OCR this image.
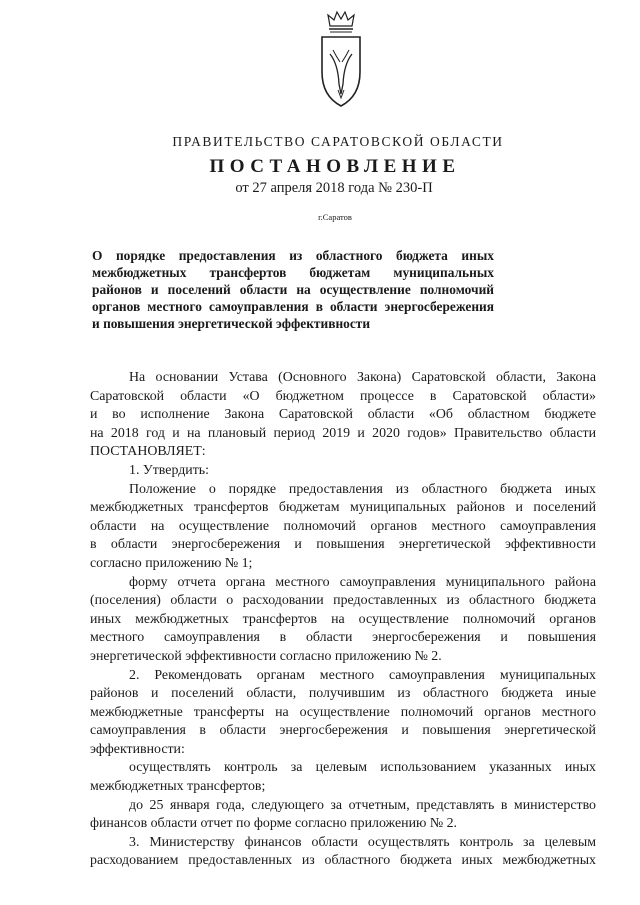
ПРАВИТЕЛЬСТВО САРАТОВСКОЙ ОБЛАСТИ
ПОСТАНОВЛЕНИЕ
от 27 апреля 2018 года № 230-П
г.Саратов
О порядке предоставления из областного бюджета иных
межбюджетных трансфертов бюджетам муниципальных
районов и поселений области на осуществление полномочий
органов местного самоуправления в области энергосбережения
и повышения энергетической эффективности
На основании Устава (Основного Закона) Саратовской области, Закона
Саратовской области «О бюджетном процессе в Саратовской области»
и во исполнение Закона Саратовской области «Об областном бюджете
на 2018 год и на плановый период 2019 и 2020 годов» Правительство области
ПОСТАНОВЛЯЕТ:
1. Утвердить:
Положение о порядке предоставления из областного бюджета иных
межбюджетных трансфертов бюджетам муниципальных районов и поселений
области на осуществление полномочий органов местного самоуправления
в области энергосбережения и повышения энергетической эффективности
согласно приложению № 1;
форму отчета органа местного самоуправления муниципального района
(поселения) области о расходовании предоставленных из областного бюджета
иных межбюджетных трансфертов на осуществление полномочий органов
местного самоуправления в области энергосбережения и повышения
энергетической эффективности согласно приложению № 2.
2. Рекомендовать органам местного самоуправления муниципальных
районов и поселений области, получившим из областного бюджета иные
межбюджетные трансферты на осуществление полномочий органов местного
самоуправления в области энергосбережения и повышения энергетической
эффективности:
осуществлять контроль за целевым использованием указанных иных
межбюджетных трансфертов;
до 25 января года, следующего за отчетным, представлять в министерство
финансов области отчет по форме согласно приложению № 2.
3. Министерству финансов области осуществлять контроль за целевым
расходованием предоставленных из областного бюджета иных межбюджетных
